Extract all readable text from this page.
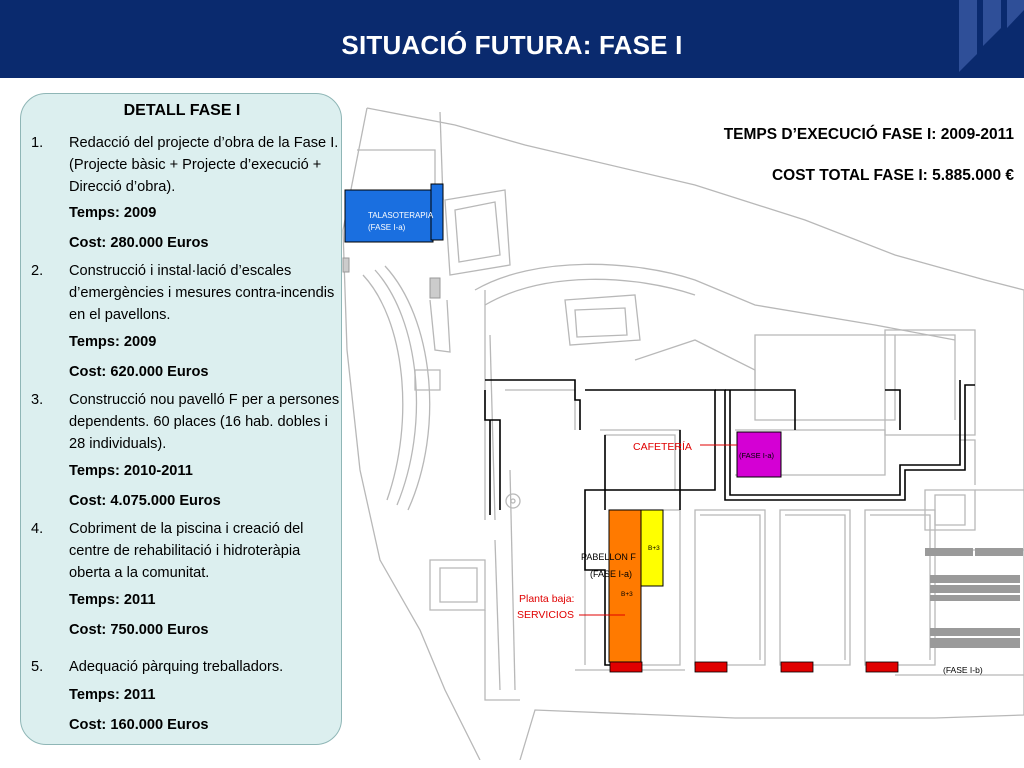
SITUACIÓ FUTURA: FASE I
DETALL FASE I
1. Redacció del projecte d’obra de la Fase I. (Projecte bàsic + Projecte d’execució + Direcció d’obra).
Temps: 2009
Cost: 280.000 Euros
2. Construcció i instal·lació d’escales d’emergències i mesures contra-incendis en el pavellons.
Temps: 2009
Cost: 620.000 Euros
3. Construcció nou pavelló F per a persones dependents. 60 places (16 hab. dobles i 28 individuals).
Temps: 2010-2011
Cost: 4.075.000 Euros
4. Cobriment de la piscina i creació del centre de rehabilitació i hidroteràpia oberta a la comunitat.
Temps: 2011
Cost: 750.000 Euros
5. Adequació pàrquing treballadors.
Temps: 2011
Cost: 160.000 Euros
TALASOTERAPIA
(FASE I-a)
(FASE I-a)
CAFETERÍA
B+3
B+3
PABELLON F
(FASE I-a)
Planta baja:
SERVICIOS
(FASE I-b)
TEMPS D’EXECUCIÓ FASE I: 2009-2011
COST TOTAL FASE I: 5.885.000 €
